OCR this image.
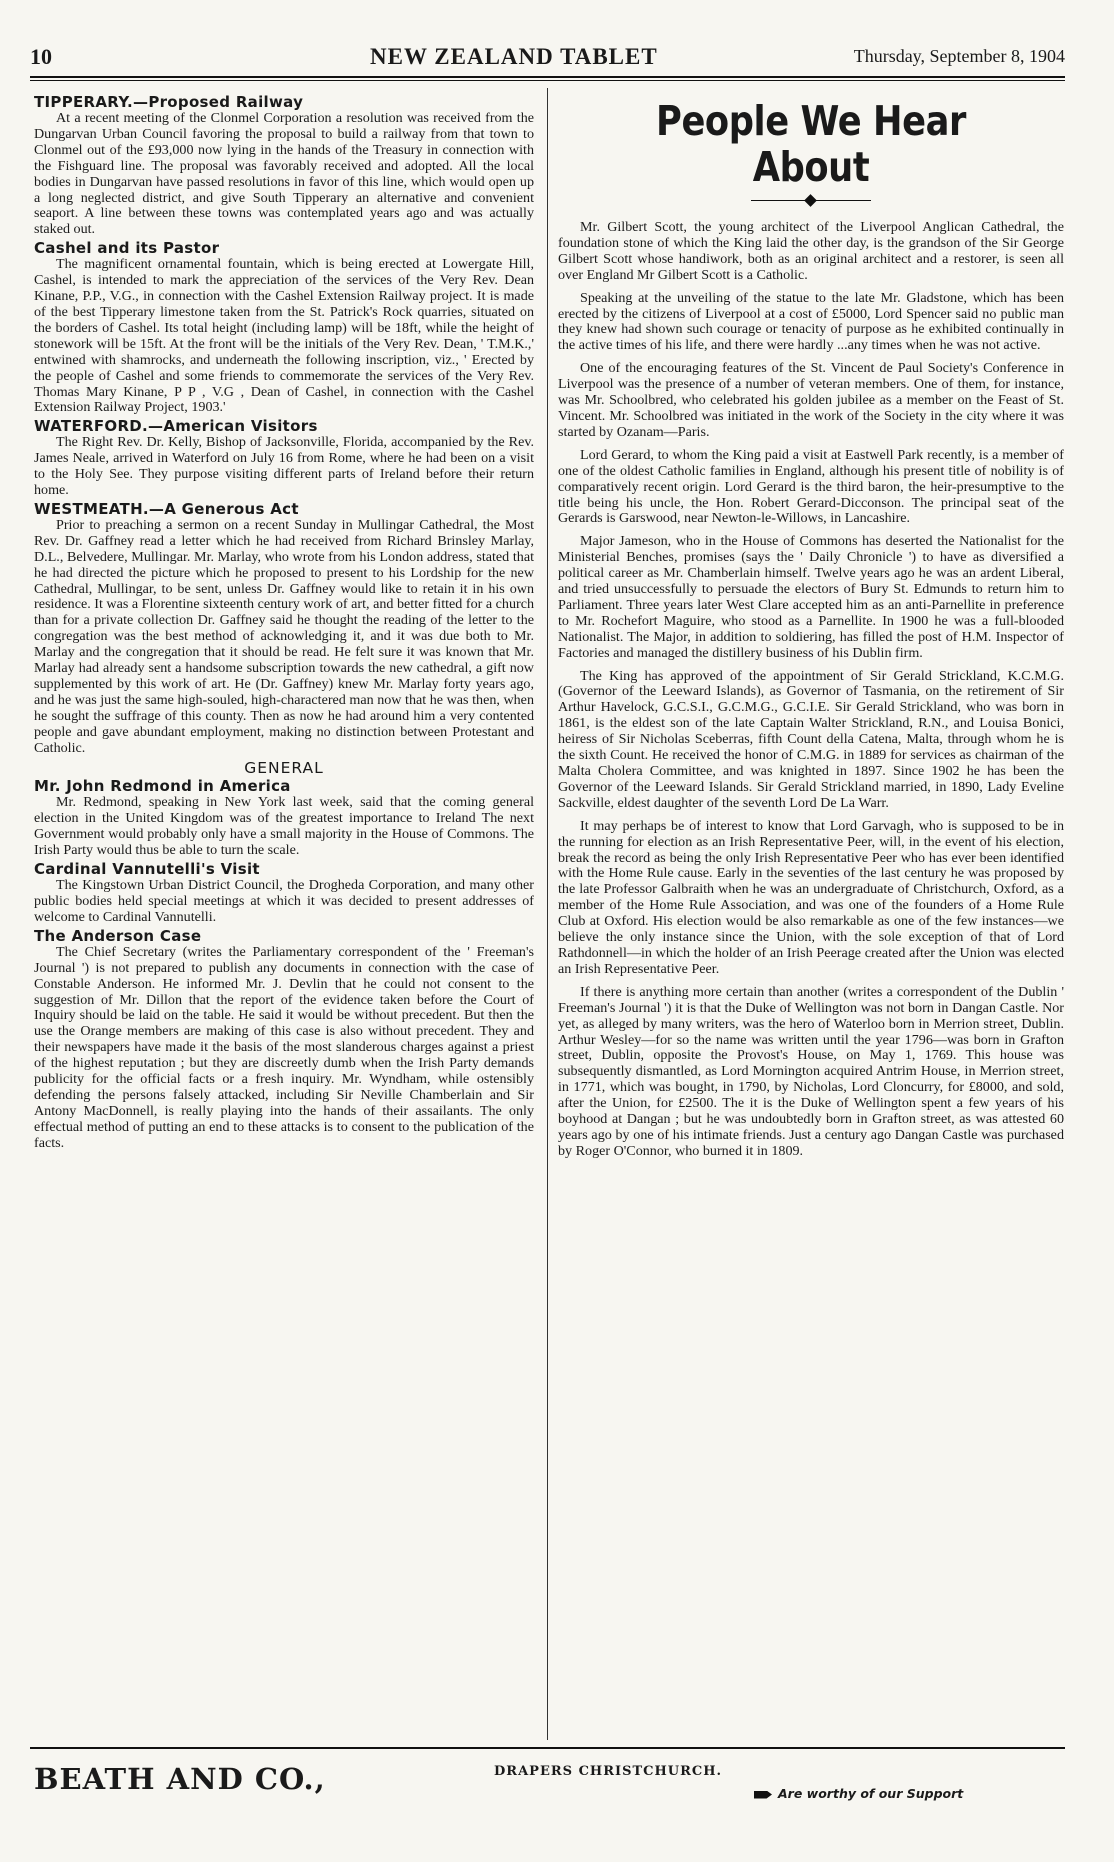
10	NEW ZEALAND TABLET	Thursday, September 8, 1904
TIPPERARY.—Proposed Railway
At a recent meeting of the Clonmel Corporation a resolution was received from the Dungarvan Urban Council favoring the proposal to build a railway from that town to Clonmel out of the £93,000 now lying in the hands of the Treasury in connection with the Fishguard line. The proposal was favorably received and adopted. All the local bodies in Dungarvan have passed resolutions in favor of this line, which would open up a long neglected district, and give South Tipperary an alternative and convenient seaport. A line between these towns was contemplated years ago and was actually staked out.
Cashel and its Pastor
The magnificent ornamental fountain, which is being erected at Lowergate Hill, Cashel, is intended to mark the appreciation of the services of the Very Rev. Dean Kinane, P.P., V.G., in connection with the Cashel Extension Railway project. It is made of the best Tipperary limestone taken from the St. Patrick's Rock quarries, situated on the borders of Cashel. Its total height (including lamp) will be 18ft, while the height of stonework will be 15ft. At the front will be the initials of the Very Rev. Dean, ' T.M.K.,' entwined with shamrocks, and underneath the following inscription, viz., ' Erected by the people of Cashel and some friends to commemorate the services of the Very Rev. Thomas Mary Kinane, P P , V.G , Dean of Cashel, in connection with the Cashel Extension Railway Project, 1903.'
WATERFORD.—American Visitors
The Right Rev. Dr. Kelly, Bishop of Jacksonville, Florida, accompanied by the Rev. James Neale, arrived in Waterford on July 16 from Rome, where he had been on a visit to the Holy See. They purpose visiting different parts of Ireland before their return home.
WESTMEATH.—A Generous Act
Prior to preaching a sermon on a recent Sunday in Mullingar Cathedral, the Most Rev. Dr. Gaffney read a letter which he had received from Richard Brinsley Marlay, D.L., Belvedere, Mullingar. Mr. Marlay, who wrote from his London address, stated that he had directed the picture which he proposed to present to his Lordship for the new Cathedral, Mullingar, to be sent, unless Dr. Gaffney would like to retain it in his own residence. It was a Florentine sixteenth century work of art, and better fitted for a church than for a private collection Dr. Gaffney said he thought the reading of the letter to the congregation was the best method of acknowledging it, and it was due both to Mr. Marlay and the congregation that it should be read. He felt sure it was known that Mr. Marlay had already sent a handsome subscription towards the new cathedral, a gift now supplemented by this work of art. He (Dr. Gaffney) knew Mr. Marlay forty years ago, and he was just the same high-souled, high-charactered man now that he was then, when he sought the suffrage of this county. Then as now he had around him a very contented people and gave abundant employment, making no distinction between Protestant and Catholic.
GENERAL
Mr. John Redmond in America
Mr. Redmond, speaking in New York last week, said that the coming general election in the United Kingdom was of the greatest importance to Ireland The next Government would probably only have a small majority in the House of Commons. The Irish Party would thus be able to turn the scale.
Cardinal Vannutelli's Visit
The Kingstown Urban District Council, the Drogheda Corporation, and many other public bodies held special meetings at which it was decided to present addresses of welcome to Cardinal Vannutelli.
The Anderson Case
The Chief Secretary (writes the Parliamentary correspondent of the ' Freeman's Journal ') is not prepared to publish any documents in connection with the case of Constable Anderson. He informed Mr. J. Devlin that he could not consent to the suggestion of Mr. Dillon that the report of the evidence taken before the Court of Inquiry should be laid on the table. He said it would be without precedent. But then the use the Orange members are making of this case is also without precedent. They and their newspapers have made it the basis of the most slanderous charges against a priest of the highest reputation ; but they are discreetly dumb when the Irish Party demands publicity for the official facts or a fresh inquiry. Mr. Wyndham, while ostensibly defending the persons falsely attacked, including Sir Neville Chamberlain and Sir Antony MacDonnell, is really playing into the hands of their assailants. The only effectual method of putting an end to these attacks is to consent to the publication of the facts.
People We Hear About
Mr. Gilbert Scott, the young architect of the Liverpool Anglican Cathedral, the foundation stone of which the King laid the other day, is the grandson of the Sir George Gilbert Scott whose handiwork, both as an original architect and a restorer, is seen all over England Mr Gilbert Scott is a Catholic.
Speaking at the unveiling of the statue to the late Mr. Gladstone, which has been erected by the citizens of Liverpool at a cost of £5000, Lord Spencer said no public man they knew had shown such courage or tenacity of purpose as he exhibited continually in the active times of his life, and there were hardly ...any times when he was not active.
One of the encouraging features of the St. Vincent de Paul Society's Conference in Liverpool was the presence of a number of veteran members. One of them, for instance, was Mr. Schoolbred, who celebrated his golden jubilee as a member on the Feast of St. Vincent. Mr. Schoolbred was initiated in the work of the Society in the city where it was started by Ozanam—Paris.
Lord Gerard, to whom the King paid a visit at Eastwell Park recently, is a member of one of the oldest Catholic families in England, although his present title of nobility is of comparatively recent origin. Lord Gerard is the third baron, the heir-presumptive to the title being his uncle, the Hon. Robert Gerard-Dicconson. The principal seat of the Gerards is Garswood, near Newton-le-Willows, in Lancashire.
Major Jameson, who in the House of Commons has deserted the Nationalist for the Ministerial Benches, promises (says the ' Daily Chronicle ') to have as diversified a political career as Mr. Chamberlain himself. Twelve years ago he was an ardent Liberal, and tried unsuccessfully to persuade the electors of Bury St. Edmunds to return him to Parliament. Three years later West Clare accepted him as an anti-Parnellite in preference to Mr. Rochefort Maguire, who stood as a Parnellite. In 1900 he was a full-blooded Nationalist. The Major, in addition to soldiering, has filled the post of H.M. Inspector of Factories and managed the distillery business of his Dublin firm.
The King has approved of the appointment of Sir Gerald Strickland, K.C.M.G. (Governor of the Leeward Islands), as Governor of Tasmania, on the retirement of Sir Arthur Havelock, G.C.S.I., G.C.M.G., G.C.I.E. Sir Gerald Strickland, who was born in 1861, is the eldest son of the late Captain Walter Strickland, R.N., and Louisa Bonici, heiress of Sir Nicholas Sceberras, fifth Count della Catena, Malta, through whom he is the sixth Count. He received the honor of C.M.G. in 1889 for services as chairman of the Malta Cholera Committee, and was knighted in 1897. Since 1902 he has been the Governor of the Leeward Islands. Sir Gerald Strickland married, in 1890, Lady Eveline Sackville, eldest daughter of the seventh Lord De La Warr.
It may perhaps be of interest to know that Lord Garvagh, who is supposed to be in the running for election as an Irish Representative Peer, will, in the event of his election, break the record as being the only Irish Representative Peer who has ever been identified with the Home Rule cause. Early in the seventies of the last century he was proposed by the late Professor Galbraith when he was an undergraduate of Christchurch, Oxford, as a member of the Home Rule Association, and was one of the founders of a Home Rule Club at Oxford. His election would be also remarkable as one of the few instances—we believe the only instance since the Union, with the sole exception of that of Lord Rathdonnell—in which the holder of an Irish Peerage created after the Union was elected an Irish Representative Peer.
If there is anything more certain than another (writes a correspondent of the Dublin ' Freeman's Journal ') it is that the Duke of Wellington was not born in Dangan Castle. Nor yet, as alleged by many writers, was the hero of Waterloo born in Merrion street, Dublin. Arthur Wesley—for so the name was written until the year 1796—was born in Grafton street, Dublin, opposite the Provost's House, on May 1, 1769. This house was subsequently dismantled, as Lord Mornington acquired Antrim House, in Merrion street, in 1771, which was bought, in 1790, by Nicholas, Lord Cloncurry, for £8000, and sold, after the Union, for £2500. The it is the Duke of Wellington spent a few years of his boyhood at Dangan ; but he was undoubtedly born in Grafton street, as was attested 60 years ago by one of his intimate friends. Just a century ago Dangan Castle was purchased by Roger O'Connor, who burned it in 1809.
BEATH AND CO.,	DRAPERS CHRISTCHURCH.
Are worthy of our Support
